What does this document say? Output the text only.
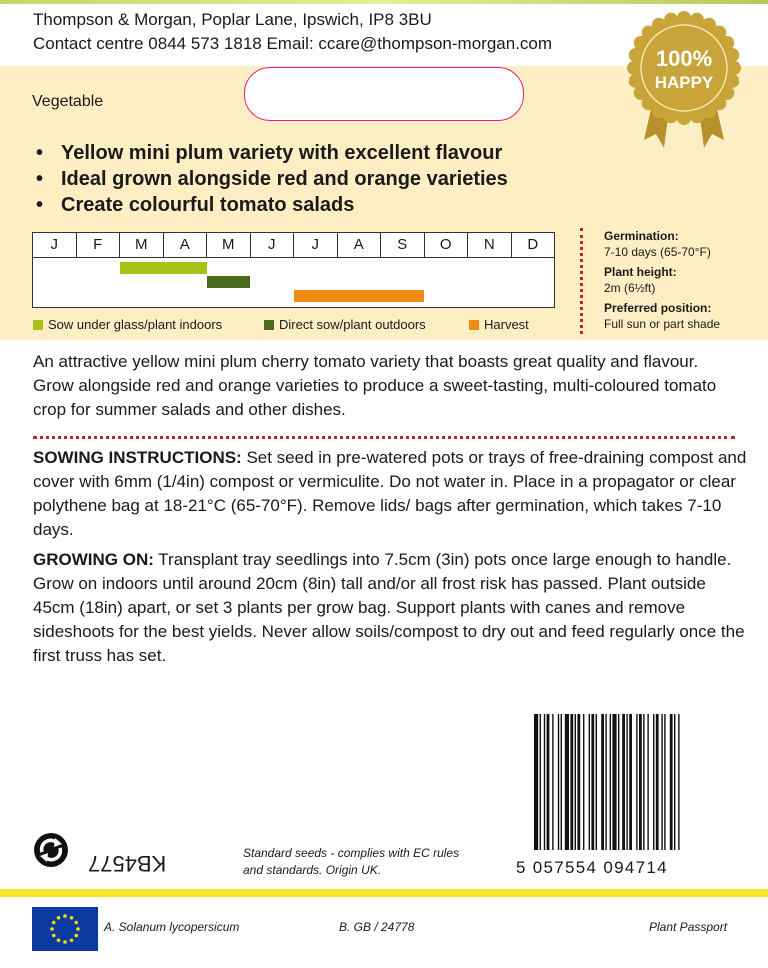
Thompson & Morgan, Poplar Lane, Ipswich, IP8 3BU
Contact centre 0844 573 1818 Email: ccare@thompson-morgan.com
Vegetable
100%
HAPPY
• Yellow mini plum variety with excellent flavour
• Ideal grown alongside red and orange varieties
• Create colourful tomato salads
J	F	M	A	M	J	J	A	S	O	N	D
Sow under glass/plant indoors	Direct sow/plant outdoors	Harvest
Germination:
7-10 days (65-70°F)
Plant height:
2m (6½ft)
Preferred position:
Full sun or part shade
An attractive yellow mini plum cherry tomato variety that boasts great quality and flavour. Grow alongside red and orange varieties to produce a sweet-tasting, multi-coloured tomato crop for summer salads and other dishes.
SOWING INSTRUCTIONS: Set seed in pre-watered pots or trays of free-draining compost and cover with 6mm (1/4in) compost or vermiculite. Do not water in. Place in a propagator or clear polythene bag at 18-21°C (65-70°F). Remove lids/ bags after germination, which takes 7-10 days.
GROWING ON: Transplant tray seedlings into 7.5cm (3in) pots once large enough to handle. Grow on indoors until around 20cm (8in) tall and/or all frost risk has passed. Plant outside 45cm (18in) apart, or set 3 plants per grow bag. Support plants with canes and remove sideshoots for the best yields. Never allow soils/compost to dry out and feed regularly once the first truss has set.
5 057554 094714
KB4577	Standard seeds - complies with EC rules and standards. Origin UK.
A. Solanum lycopersicum	B. GB / 24778	Plant Passport
